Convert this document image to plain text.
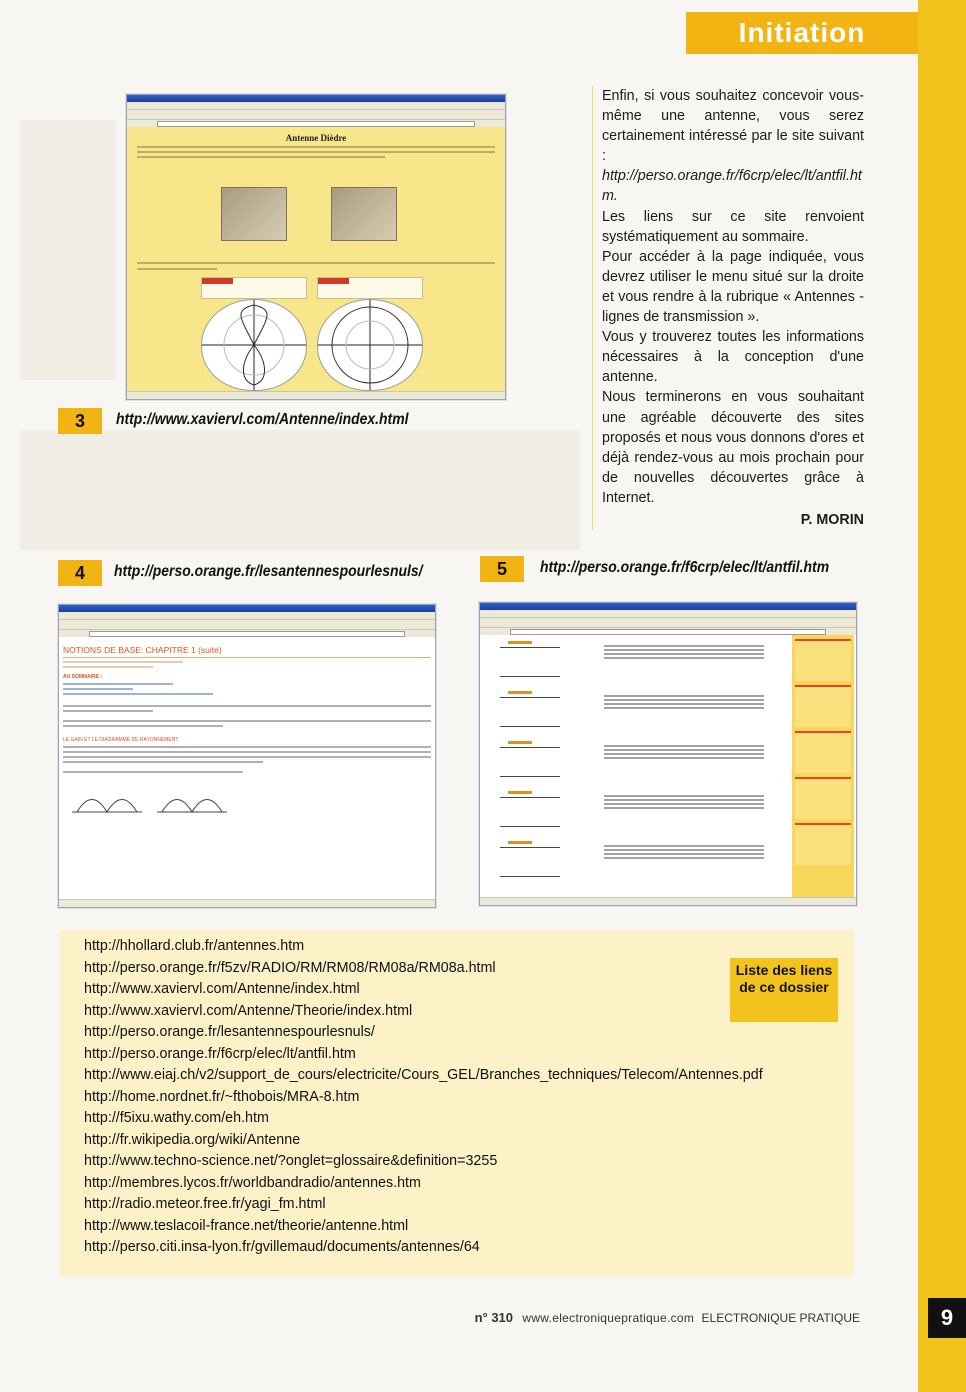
Initiation
Antenne Dièdre
3	http://www.xaviervl.com/Antenne/index.html

Enfin, si vous souhaitez concevoir vous-même une antenne, vous serez certainement intéressé par le site suivant :

http://perso.orange.fr/f6crp/elec/lt/antfil.htm.

Les liens sur ce site renvoient systématiquement au sommaire.

Pour accéder à la page indiquée, vous devrez utiliser le menu situé sur la droite et vous rendre à la rubrique « Antennes - lignes de transmission ».

Vous y trouverez toutes les informations nécessaires à la conception d'une antenne.

Nous terminerons en vous souhaitant une agréable découverte des sites proposés et nous vous donnons d'ores et déjà rendez-vous au mois prochain pour de nouvelles découvertes grâce à Internet.

P. MORIN

4	http://perso.orange.fr/lesantennespourlesnuls/	5	http://perso.orange.fr/f6crp/elec/lt/antfil.htm
NOTIONS DE BASE: CHAPITRE 1 (suite)
AU SOMMAIRE :
LE GAIN ET LE DIAGRAMME DE RAYONNEMENT
http://hhollard.club.fr/antennes.htm
http://perso.orange.fr/f5zv/RADIO/RM/RM08/RM08a/RM08a.html
http://www.xaviervl.com/Antenne/index.html
http://www.xaviervl.com/Antenne/Theorie/index.html
http://perso.orange.fr/lesantennespourlesnuls/
http://perso.orange.fr/f6crp/elec/lt/antfil.htm
http://www.eiaj.ch/v2/support_de_cours/electricite/Cours_GEL/Branches_techniques/Telecom/Antennes.pdf
http://home.nordnet.fr/~fthobois/MRA-8.htm
http://f5ixu.wathy.com/eh.htm
http://fr.wikipedia.org/wiki/Antenne
http://www.techno-science.net/?onglet=glossaire&definition=3255
http://membres.lycos.fr/worldbandradio/antennes.htm
http://radio.meteor.free.fr/yagi_fm.html
http://www.teslacoil-france.net/theorie/antenne.html
http://perso.citi.insa-lyon.fr/gvillemaud/documents/antennes/64
Liste des liens de ce dossier
n° 310 www.electroniquepratique.com ELECTRONIQUE PRATIQUE	9
